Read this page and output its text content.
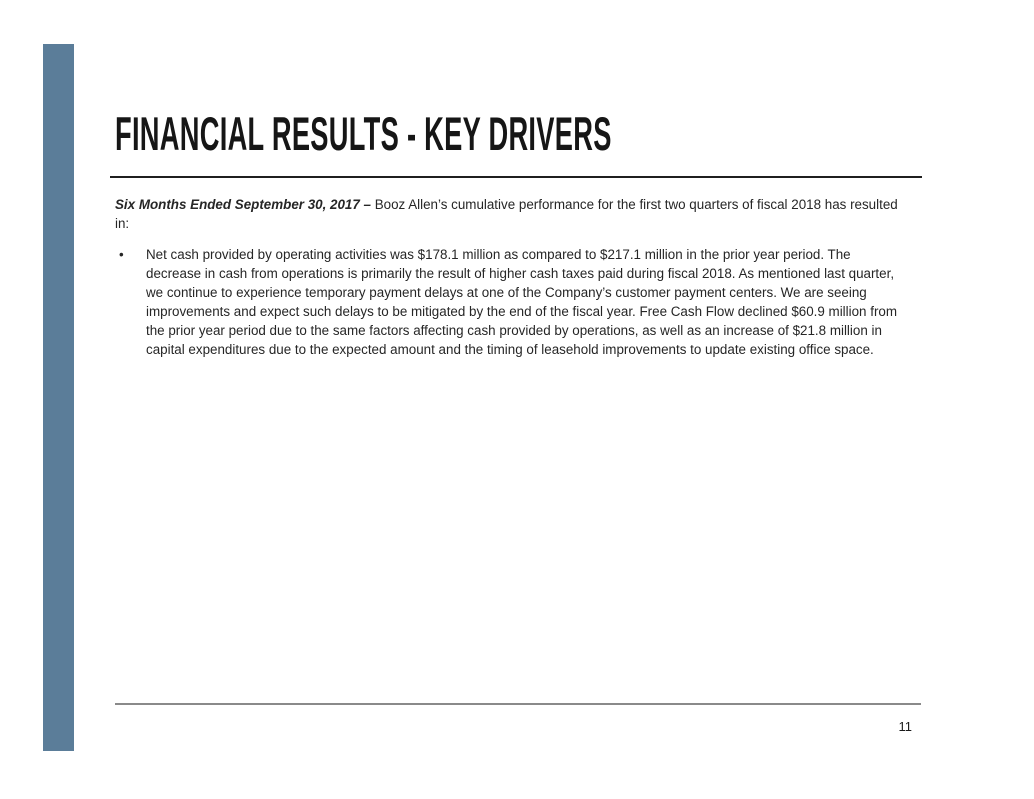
FINANCIAL RESULTS - KEY DRIVERS

Six Months Ended September 30, 2017 – Booz Allen’s cumulative performance for the first two quarters of fiscal 2018 has resulted in:

•	Net cash provided by operating activities was $178.1 million as compared to $217.1 million in the prior year period. The decrease in cash from operations is primarily the result of higher cash taxes paid during fiscal 2018. As mentioned last quarter, we continue to experience temporary payment delays at one of the Company’s customer payment centers. We are seeing improvements and expect such delays to be mitigated by the end of the fiscal year. Free Cash Flow declined $60.9 million from the prior year period due to the same factors affecting cash provided by operations, as well as an increase of $21.8 million in capital expenditures due to the expected amount and the timing of leasehold improvements to update existing office space.
11
